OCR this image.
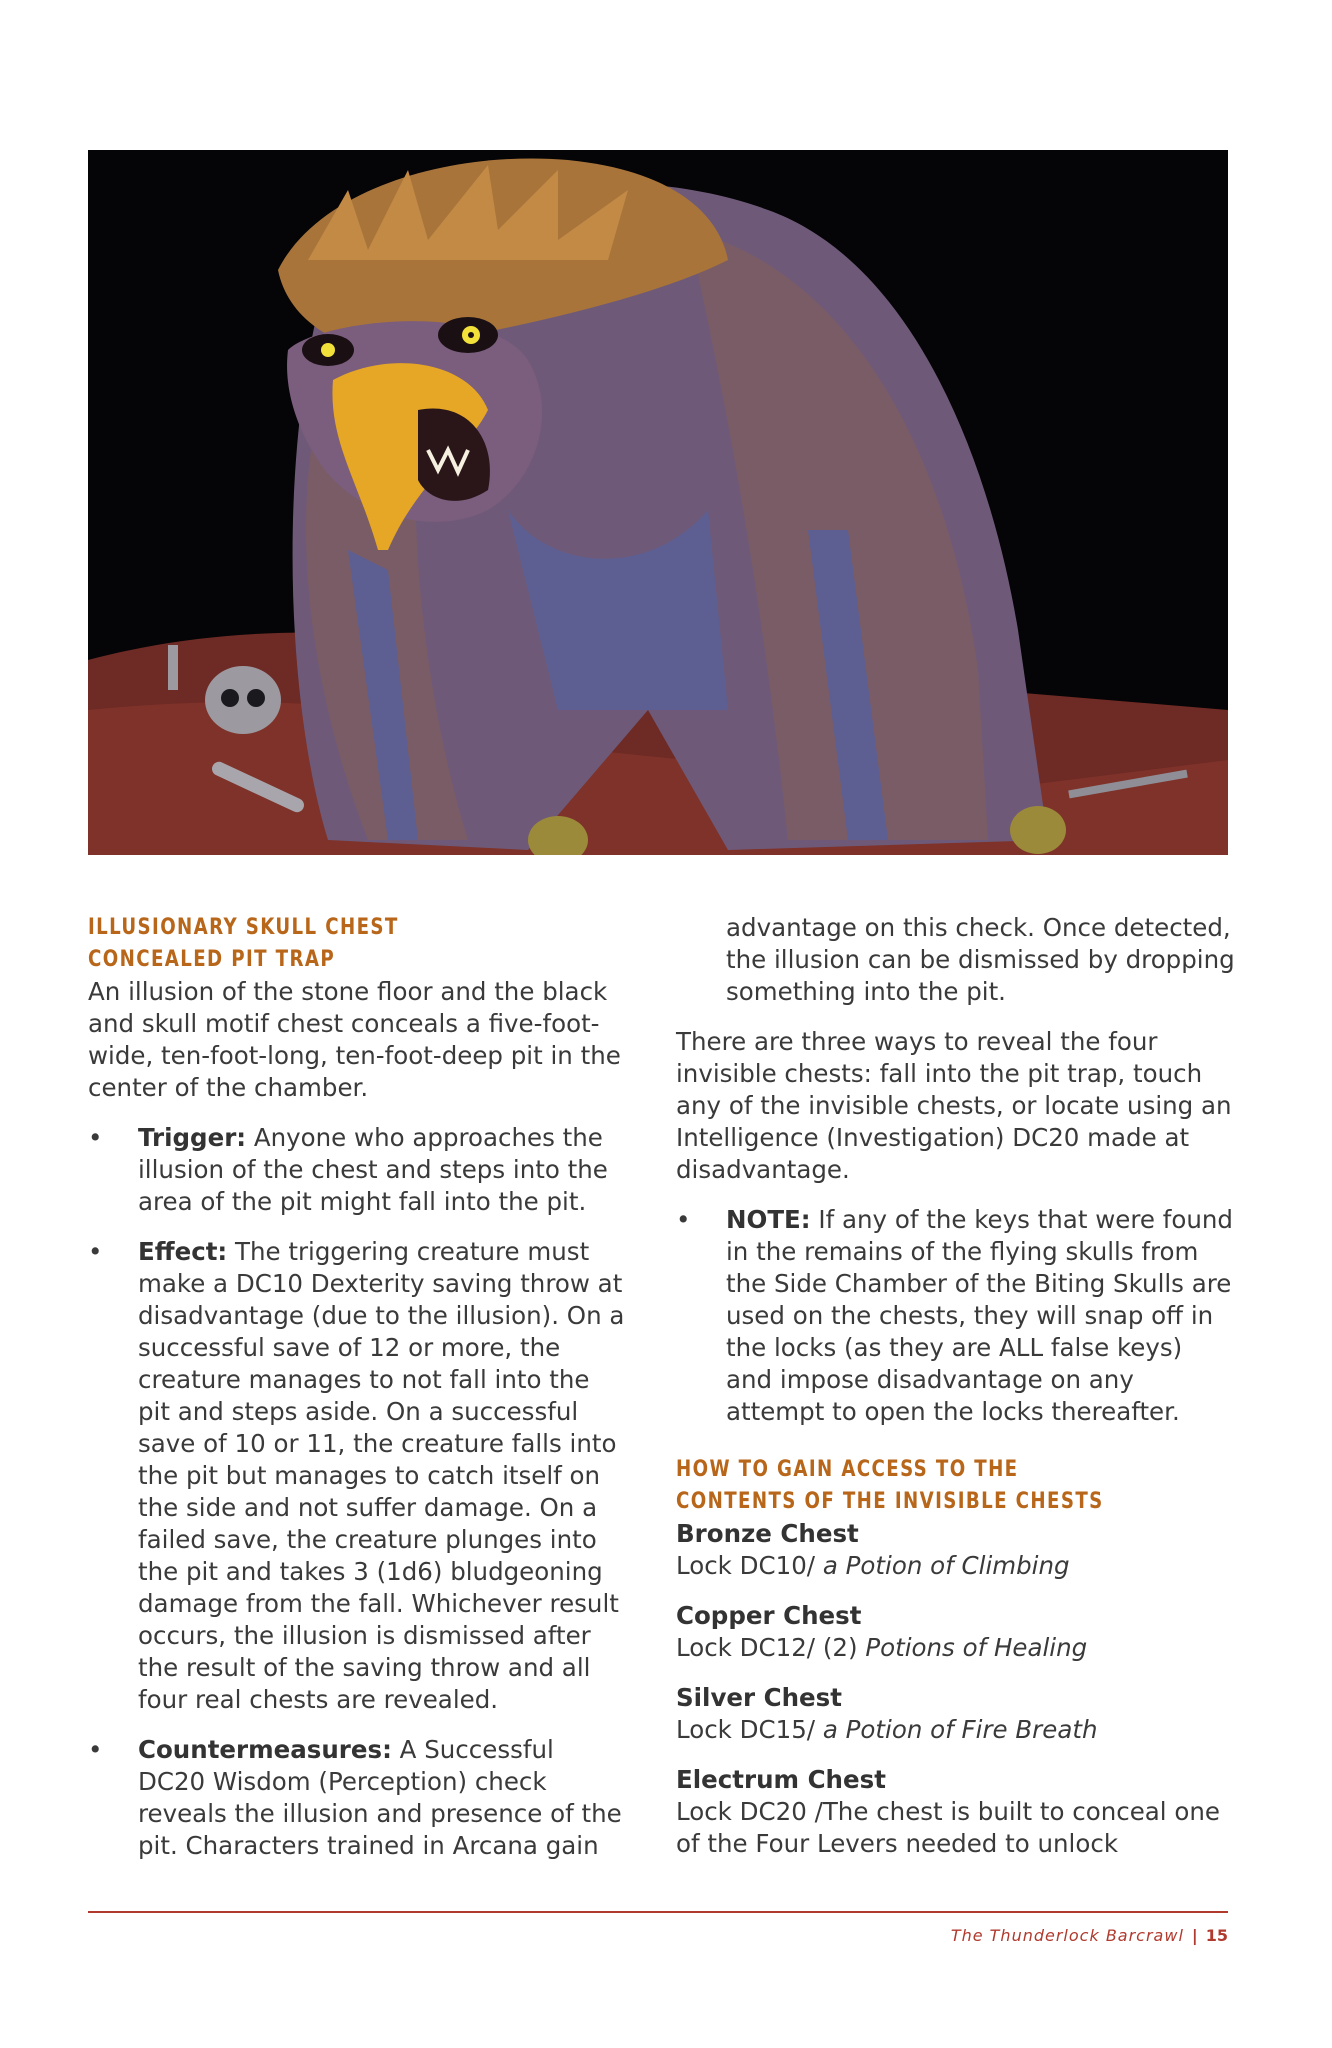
ILLUSIONARY SKULL CHEST
CONCEALED PIT TRAP

An illusion of the stone floor and the black and skull motif chest conceals a five-foot-wide, ten-foot-long, ten-foot-deep pit in the center of the chamber.

• Trigger: Anyone who approaches the illusion of the chest and steps into the area of the pit might fall into the pit.
• Effect: The triggering creature must make a DC10 Dexterity saving throw at disadvantage (due to the illusion). On a successful save of 12 or more, the creature manages to not fall into the pit and steps aside. On a successful save of 10 or 11, the creature falls into the pit but manages to catch itself on the side and not suffer damage. On a failed save, the creature plunges into the pit and takes 3 (1d6) bludgeoning damage from the fall. Whichever result occurs, the illusion is dismissed after the result of the saving throw and all four real chests are revealed.
• Countermeasures: A Successful DC20 Wisdom (Perception) check reveals the illusion and presence of the pit. Characters trained in Arcana gain
advantage on this check. Once detected, the illusion can be dismissed by dropping something into the pit.

There are three ways to reveal the four invisible chests: fall into the pit trap, touch any of the invisible chests, or locate using an Intelligence (Investigation) DC20 made at disadvantage.

• NOTE: If any of the keys that were found in the remains of the flying skulls from the Side Chamber of the Biting Skulls are used on the chests, they will snap off in the locks (as they are ALL false keys) and impose disadvantage on any attempt to open the locks thereafter.
HOW TO GAIN ACCESS TO THE
CONTENTS OF THE INVISIBLE CHESTS
Bronze Chest
Lock DC10/ a Potion of Climbing
Copper Chest
Lock DC12/ (2) Potions of Healing
Silver Chest
Lock DC15/ a Potion of Fire Breath
Electrum Chest
Lock DC20 /The chest is built to conceal one of the Four Levers needed to unlock
The Thunderlock Barcrawl | 15
